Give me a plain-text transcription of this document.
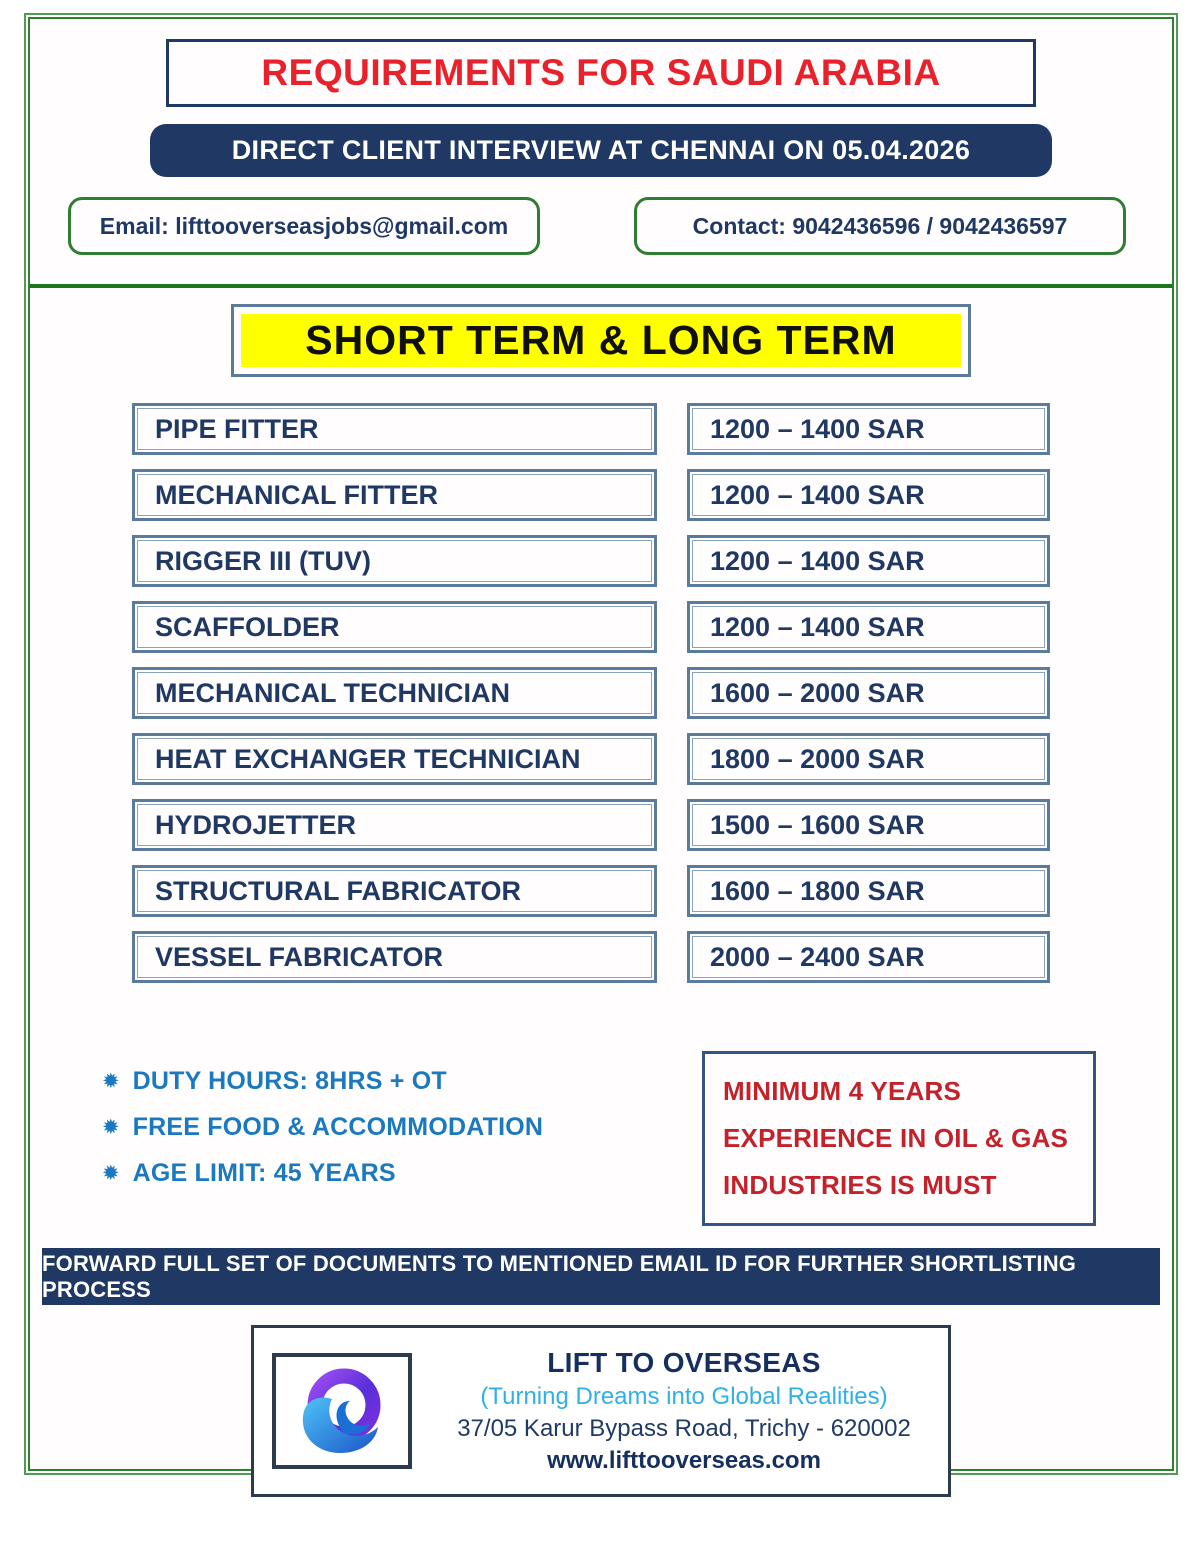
REQUIREMENTS FOR SAUDI ARABIA
DIRECT CLIENT INTERVIEW AT CHENNAI ON 05.04.2026
Email: lifttooverseasjobs@gmail.com	Contact: 9042436596 / 9042436597
SHORT TERM & LONG TERM
PIPE FITTER	1200 – 1400 SAR
MECHANICAL FITTER	1200 – 1400 SAR
RIGGER III (TUV)	1200 – 1400 SAR
SCAFFOLDER	1200 – 1400 SAR
MECHANICAL TECHNICIAN	1600 – 2000 SAR
HEAT EXCHANGER TECHNICIAN	1800 – 2000 SAR
HYDROJETTER	1500 – 1600 SAR
STRUCTURAL FABRICATOR	1600 – 1800 SAR
VESSEL FABRICATOR	2000 – 2400 SAR
✹ DUTY HOURS: 8HRS + OT
✹ FREE FOOD & ACCOMMODATION
✹ AGE LIMIT: 45 YEARS
MINIMUM 4 YEARS
EXPERIENCE IN OIL & GAS
INDUSTRIES IS MUST
FORWARD FULL SET OF DOCUMENTS TO MENTIONED EMAIL ID FOR FURTHER SHORTLISTING PROCESS
LIFT TO OVERSEAS
(Turning Dreams into Global Realities)
37/05 Karur Bypass Road, Trichy - 620002
www.lifttooverseas.com
